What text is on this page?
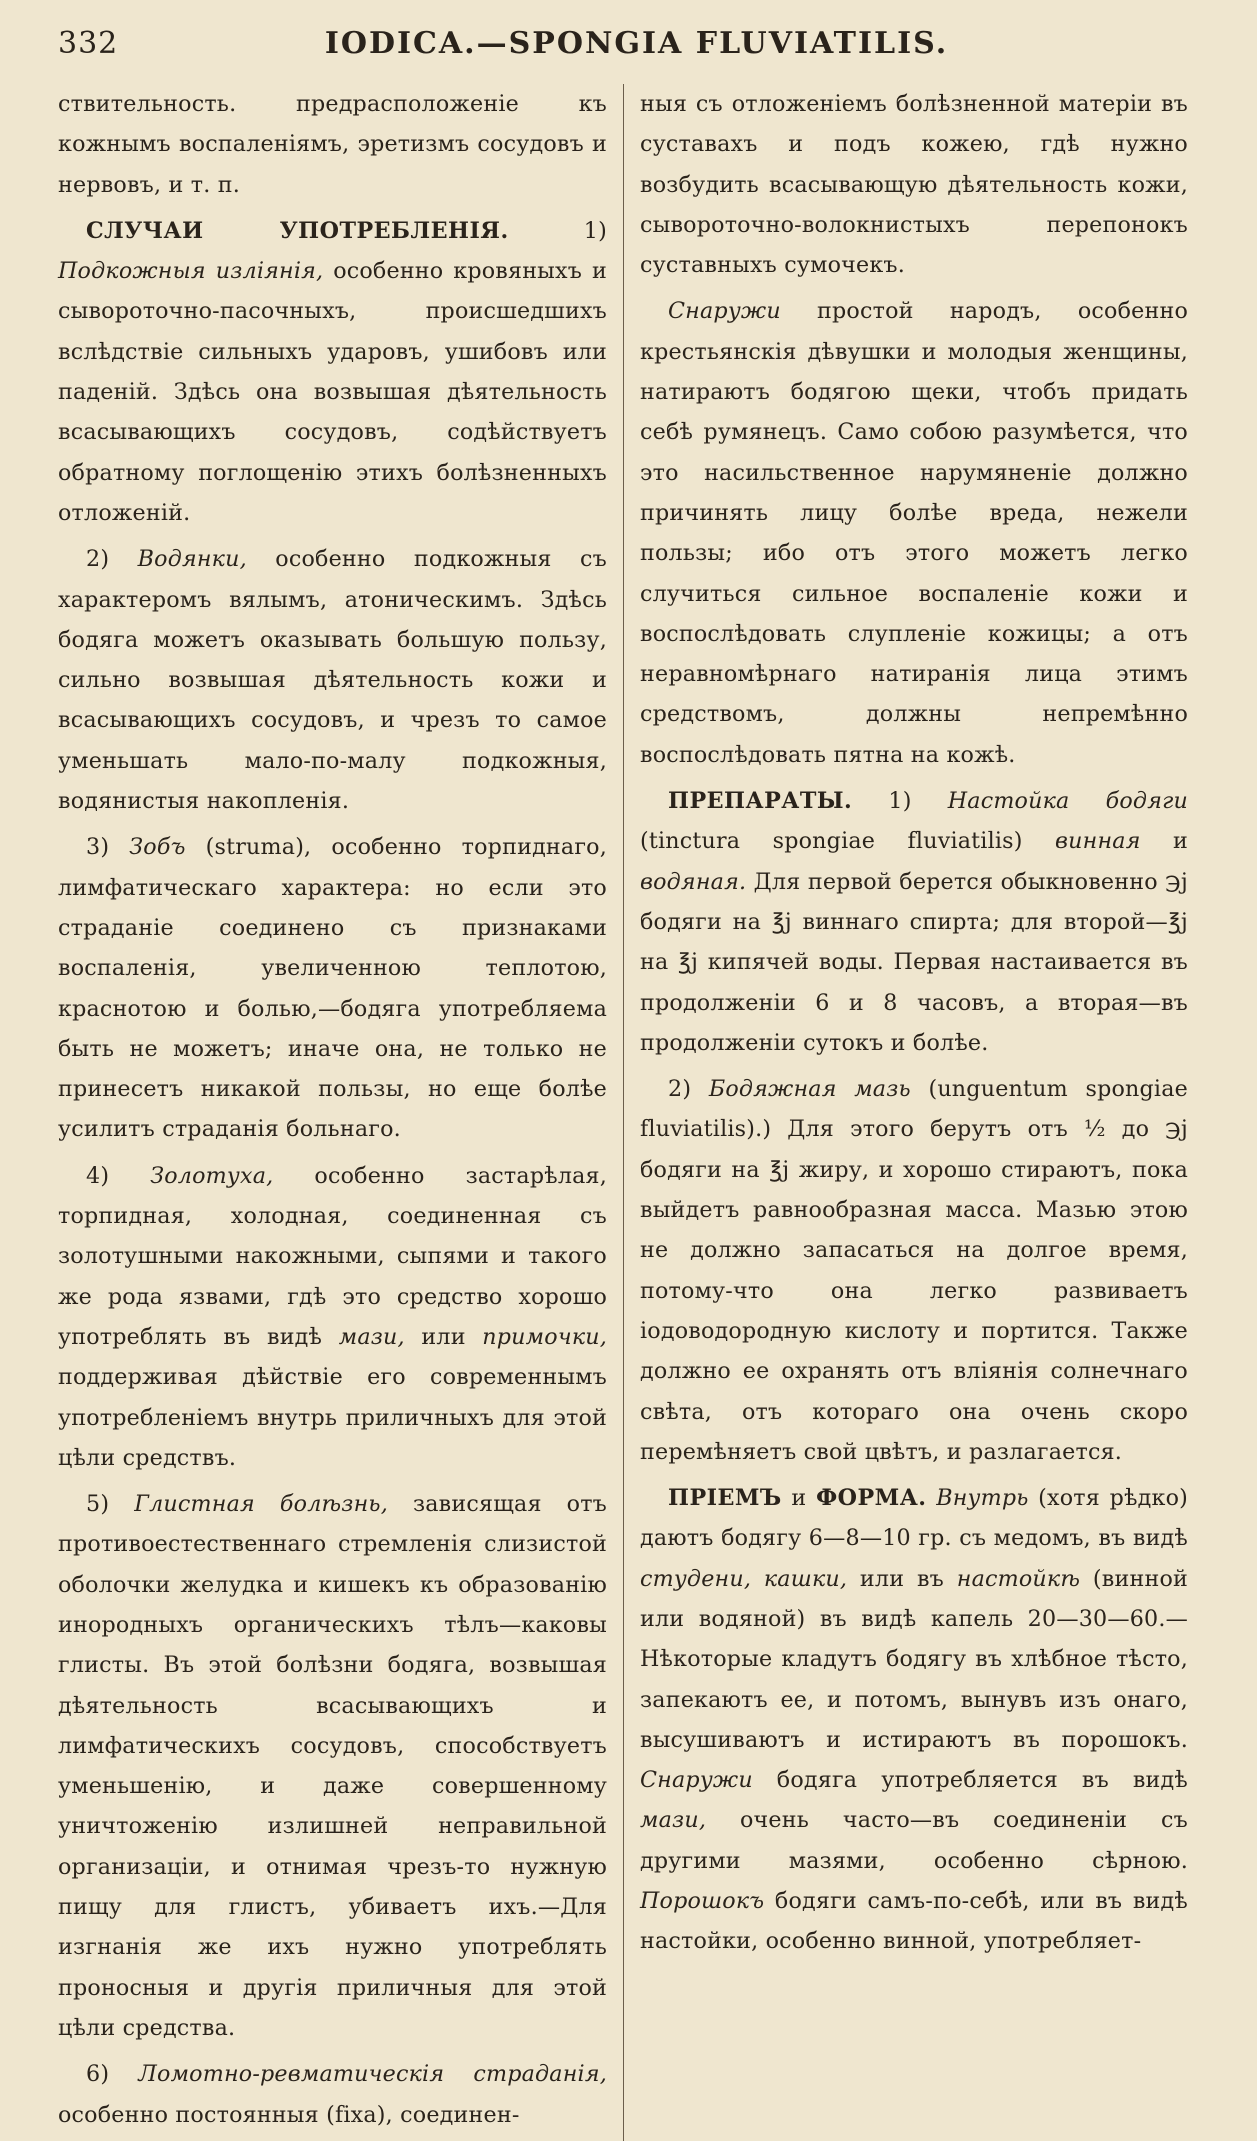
332	IODICA.—SPONGIA FLUVIATILIS.

ствительность. предрасположеніе къ кожнымъ воспаленіямъ, эретизмъ сосудовъ и нервовъ, и т. п.

СЛУЧАИ УПОТРЕБЛЕНІЯ. 1) Подкожныя изліянія, особенно кровяныхъ и сывороточно-пасочныхъ, происшедшихъ вслѣдствіе сильныхъ ударовъ, ушибовъ или паденій. Здѣсь она возвышая дѣятельность всасывающихъ сосудовъ, содѣйствуетъ обратному поглощенію этихъ болѣзненныхъ отложеній.

2) Водянки, особенно подкожныя съ характеромъ вялымъ, атоническимъ. Здѣсь бодяга можетъ оказывать большую пользу, сильно возвышая дѣятельность кожи и всасывающихъ сосудовъ, и чрезъ то самое уменьшать мало-по-малу подкожныя, водянистыя накопленія.

3) Зобъ (struma), особенно торпиднаго, лимфатическаго характера: но если это страданіе соединено съ признаками воспаленія, увеличенною теплотою, краснотою и болью,—бодяга употребляема быть не можетъ; иначе она, не только не принесетъ никакой пользы, но еще болѣе усилитъ страданія больнаго.

4) Золотуха, особенно застарѣлая, торпидная, холодная, соединенная съ золотушными накожными, сыпями и такого же рода язвами, гдѣ это средство хорошо употреблять въ видѣ мази, или примочки, поддерживая дѣйствіе его современнымъ употребленіемъ внутрь приличныхъ для этой цѣли средствъ.

5) Глистная болѣзнь, зависящая отъ противоестественнаго стремленія слизистой оболочки желудка и кишекъ къ образованію инородныхъ органическихъ тѣлъ—каковы глисты. Въ этой болѣзни бодяга, возвышая дѣятельность всасывающихъ и лимфатическихъ сосудовъ, способствуетъ уменьшенію, и даже совершенному уничтоженію излишней неправильной организаціи, и отнимая чрезъ-то нужную пищу для глистъ, убиваетъ ихъ.—Для изгнанія же ихъ нужно употреблять проносныя и другія приличныя для этой цѣли средства.

6) Ломотно-ревматическія страданія, особенно постоянныя (fixa), соединен-

ныя съ отложеніемъ болѣзненной матеріи въ суставахъ и подъ кожею, гдѣ нужно возбудить всасывающую дѣятельность кожи, сывороточно-волокнистыхъ перепонокъ суставныхъ сумочекъ.

Снаружи простой народъ, особенно крестьянскія дѣвушки и молодыя женщины, натираютъ бодягою щеки, чтобъ придать себѣ румянецъ. Само собою разумѣется, что это насильственное нарумяненіе должно причинять лицу болѣе вреда, нежели пользы; ибо отъ этого можетъ легко случиться сильное воспаленіе кожи и воспослѣдовать слупленіе кожицы; а отъ неравномѣрнаго натиранія лица этимъ средствомъ, должны непремѣнно воспослѣдовать пятна на кожѣ.

ПРЕПАРАТЫ. 1) Настойка бодяги (tinctura spongiae fluviatilis) винная и водяная. Для первой берется обыкновенно ℈j бодяги на ℥j виннаго спирта; для второй—℥j на ℥j кипячей воды. Первая настаивается въ продолженіи 6 и 8 часовъ, а вторая—въ продолженіи сутокъ и болѣе.

2) Бодяжная мазь (unguentum spongiae fluviatilis).) Для этого берутъ отъ ½ до ℈j бодяги на ℥j жиру, и хорошо стираютъ, пока выйдетъ равнообразная масса. Мазью этою не должно запасаться на долгое время, потому-что она легко развиваетъ іодоводородную кислоту и портится. Также должно ее охранять отъ вліянія солнечнаго свѣта, отъ котораго она очень скоро перемѣняетъ свой цвѣтъ, и разлагается.

ПРІЕМЪ и ФОРМА. Внутрь (хотя рѣдко) даютъ бодягу 6—8—10 гр. съ медомъ, въ видѣ студени, кашки, или въ настойкѣ (винной или водяной) въ видѣ капель 20—30—60.—Нѣкоторые кладутъ бодягу въ хлѣбное тѣсто, запекаютъ ее, и потомъ, вынувъ изъ онаго, высушиваютъ и истираютъ въ порошокъ. Снаружи бодяга употребляется въ видѣ мази, очень часто—въ соединеніи съ другими мазями, особенно сѣрною. Порошокъ бодяги самъ-по-себѣ, или въ видѣ настойки, особенно винной, употребляет-
